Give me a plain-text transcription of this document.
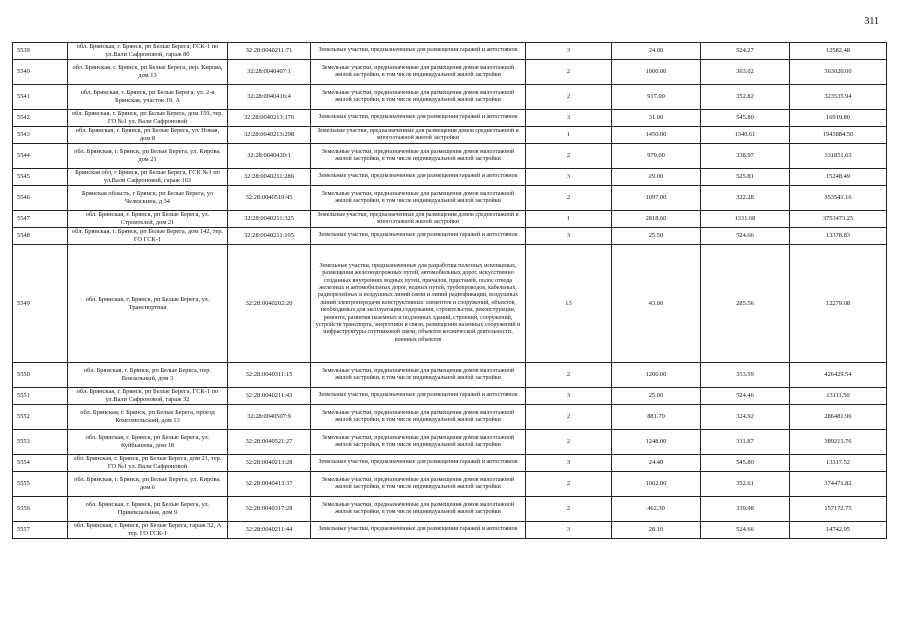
311
5539	обл. Брянская, г. Брянск, рп Белые Берега, ГСК-1 по ул.Вали Сафроновой, гараж 80	32:28:0040211:71	Земельные участки, предназначенные для размещения гаражей и автостоянок	3	24.00	524.27	12582.48
5540	обл. Брянская, г. Брянск, рп Белые Берега, пер. Кирова, дом 13	32:28:0040407:1	Земельные участки, предназначенные для размещения домов малоэтажной жилой застройки, в том числе индивидуальной жилой застройки	2	1000.00	363.02	363020.00
5541	обл. Брянская, г. Брянск, рп Белые Берега, ул. 2-я Брянская, участок 19, А	32:28:0040416:4	Земельные участки, предназначенные для размещения домов малоэтажной жилой застройки, в том числе индивидуальной жилой застройки	2	917.00	352.82	323535.94
5542	обл. Брянская, г. Брянск, рп Белые Берега, дом 159, тер. ГО №1 ул. Вали Сафроновой	32:28:0040213:170	Земельные участки, предназначенные для размещения гаражей и автостоянок	3	31.00	545.80	16919.80
5543	обл. Брянская, г. Брянск, рп Белые Берега, ул. Новая, дом 8	32:28:0040213:298	Земельные участки, предназначенные для размещения домов среднеэтажной и многоэтажной жилой застройки	1	1450.00	1340.61	1943884.50
5544	обл. Брянская, г. Брянск, рп Белые Берега, ул. Кирова, дом 21	32:28:0040420:1	Земельные участки, предназначенные для размещения домов малоэтажной жилой застройки, в том числе индивидуальной жилой застройки	2	979.00	338.97	331851.63
5545	Брянская обл, г Брянск, рп Белые Берега, ГСК №1 по ул.Вали Сафроновой, гараж 163	32:28:0040211:286	Земельные участки, предназначенные для размещения гаражей и автостоянок	3	29.00	525.81	15248.49
5546	Брянская область, г Брянск, рп Белые Берега, ул Челюскина, д 34	32:28:0040519:45	Земельные участки, предназначенные для размещения домов малоэтажной жилой застройки, в том числе индивидуальной жилой застройки	2	1097.00	322.28	353541.16
5547	обл. Брянская, г. Брянск, рп Белые Берега, ул. Строителей, дом 21	32:28:0040211:325	Земельные участки, предназначенные для размещения домов среднеэтажной и многоэтажной жилой застройки	1	2818.60	1331.68	3753473.25
5548	обл. Брянская, г. Брянск, рп Белые Берега, дом 142, тер. ГО ГСК-1	32:28:0040211:105	Земельные участки, предназначенные для размещения гаражей и автостоянок	3	25.50	524.66	13378.83
5549	обл. Брянская, г. Брянск, рп Белые Берега, ул. Транспортная	32:28:0040202:20	Земельные участки, предназначенные для разработки полезных ископаемых, размещения железнодорожных путей, автомобильных дорог, искусственно созданных внутренних водных путей, причалов, пристаней, полос отвода железных и автомобильных дорог, водных путей, трубопроводов, кабельных, радиорелейных и воздушных линий связи и линий радиофикации, воздушных линий электропередачи конструктивных элементов и сооружений, объектов, необходимых для эксплуатации,содержания, строительства, реконструкции, ремонта, развития наземных и подземных зданий, строений, сооружений, устройств транспорта, энергетики и связи, размещения наземных сооружений и инфраструктуры спутниковой связи, объектов космической деятельности, военных объектов	13	43.00	285.56	12279.08
5550	обл. Брянская, г. Брянск, рп Белые Берега, пер. Вокзальный, дом 3	32:28:0040311:15	Земельные участки, предназначенные для размещения домов малоэтажной жилой застройки, в том числе индивидуальной жилой застройки	2	1206.00	353.59	426429.54
5551	обл. Брянская, г. Брянск, рп Белые Берега, ГСК-1 по ул.Вали Сафроновой, гараж 32	32:28:0040211:43	Земельные участки, предназначенные для размещения гаражей и автостоянок	3	25.00	524.46	13111.50
5552	обл. Брянская, г. Брянск, рп Белые Берега, проезд Комсомольский, дом 13	32:28:0040507:9	Земельные участки, предназначенные для размещения домов малоэтажной жилой застройки, в том числе индивидуальной жилой застройки	2	881.70	324.92	286481.96
5553	обл. Брянская, г. Брянск, рп Белые Берега, ул. Куйбышева, дом 18	32:28:0040521:27	Земельные участки, предназначенные для размещения домов малоэтажной жилой застройки, в том числе индивидуальной жилой застройки	2	1248.00	311.87	389213.76
5554	обл. Брянская, г. Брянск, рп Белые Берега, дом 21, тер. ГО №1 ул. Вали Сафроновой	32:28:0040213:28	Земельные участки, предназначенные для размещения гаражей и автостоянок	3	24.40	545.80	13317.52
5555	обл. Брянская, г. Брянск, рп Белые Берега, ул. Кирова, дом 6	32:28:0040413:37	Земельные участки, предназначенные для размещения домов малоэтажной жилой застройки, в том числе индивидуальной жилой застройки	2	1062.00	352.61	374471.82
5556	обл. Брянская, г. Брянск, рп Белые Берега, ул. Привокзальная, дом 9	32:28:0040317:28	Земельные участки, предназначенные для размещения домов малоэтажной жилой застройки, в том числе индивидуальной жилой застройки	2	462.30	339.98	157172.75
5557	обл. Брянская, г. Брянск, рп Белые Берега, гараж 32, А тер. ГО ГСК-1	32:28:0040211:44	Земельные участки, предназначенные для размещения гаражей и автостоянок	3	28.10	524.66	14742.95
